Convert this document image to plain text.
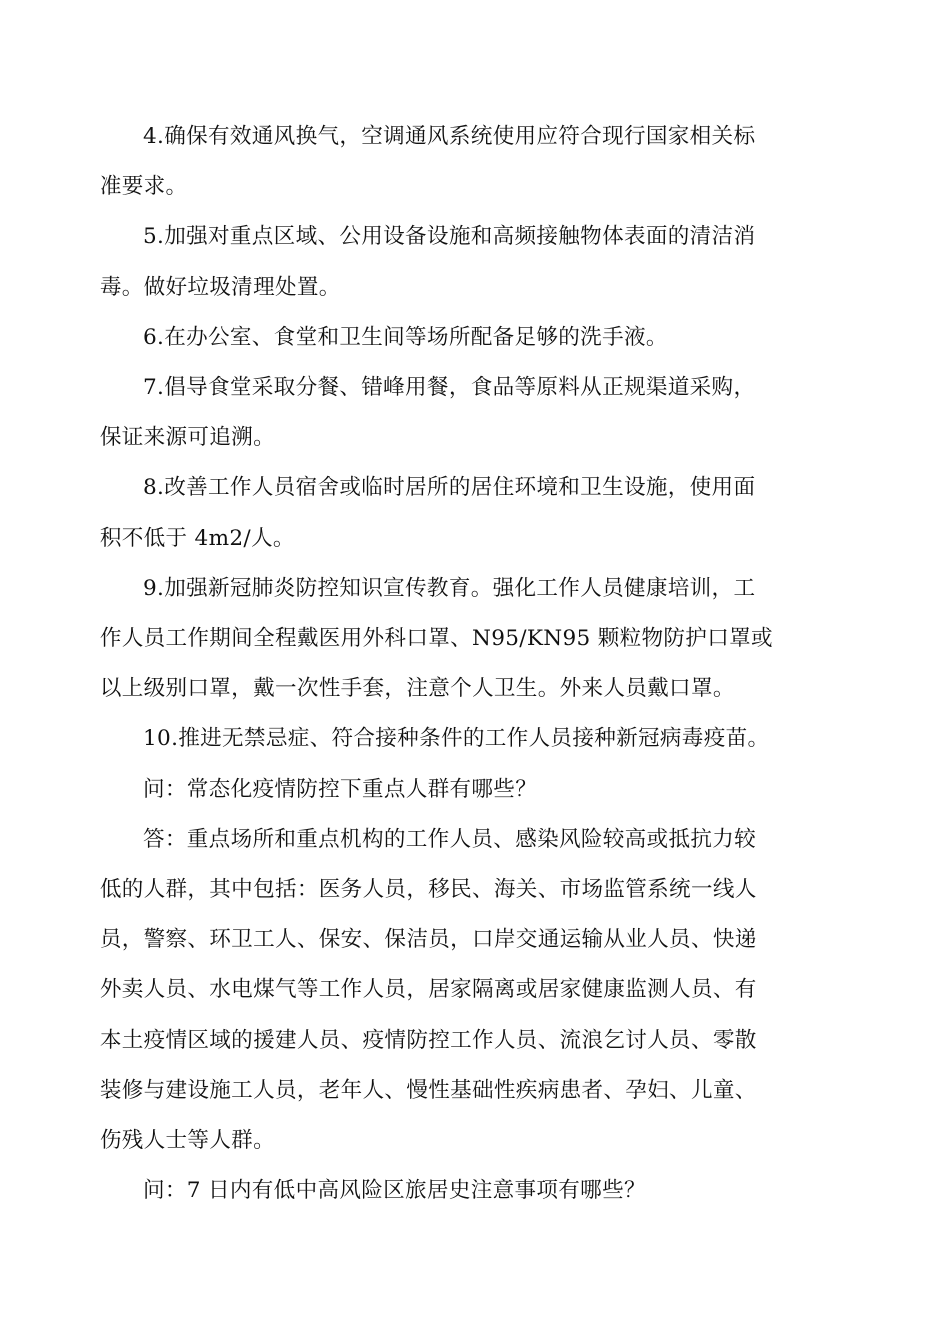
4.确保有效通风换气，空调通风系统使用应符合现行国家相关标
准要求。

5.加强对重点区域、公用设备设施和高频接触物体表面的清洁消
毒。做好垃圾清理处置。

6.在办公室、食堂和卫生间等场所配备足够的洗手液。

7.倡导食堂采取分餐、错峰用餐，食品等原料从正规渠道采购，
保证来源可追溯。

8.改善工作人员宿舍或临时居所的居住环境和卫生设施，使用面
积不低于 4m2/人。

9.加强新冠肺炎防控知识宣传教育。强化工作人员健康培训，工
作人员工作期间全程戴医用外科口罩、N95/KN95 颗粒物防护口罩或
以上级别口罩，戴一次性手套，注意个人卫生。外来人员戴口罩。

10.推进无禁忌症、符合接种条件的工作人员接种新冠病毒疫苗。

问：常态化疫情防控下重点人群有哪些？

答：重点场所和重点机构的工作人员、感染风险较高或抵抗力较
低的人群，其中包括：医务人员，移民、海关、市场监管系统一线人
员，警察、环卫工人、保安、保洁员，口岸交通运输从业人员、快递
外卖人员、水电煤气等工作人员，居家隔离或居家健康监测人员、有
本土疫情区域的援建人员、疫情防控工作人员、流浪乞讨人员、零散
装修与建设施工人员，老年人、慢性基础性疾病患者、孕妇、儿童、
伤残人士等人群。

问：7 日内有低中高风险区旅居史注意事项有哪些？
